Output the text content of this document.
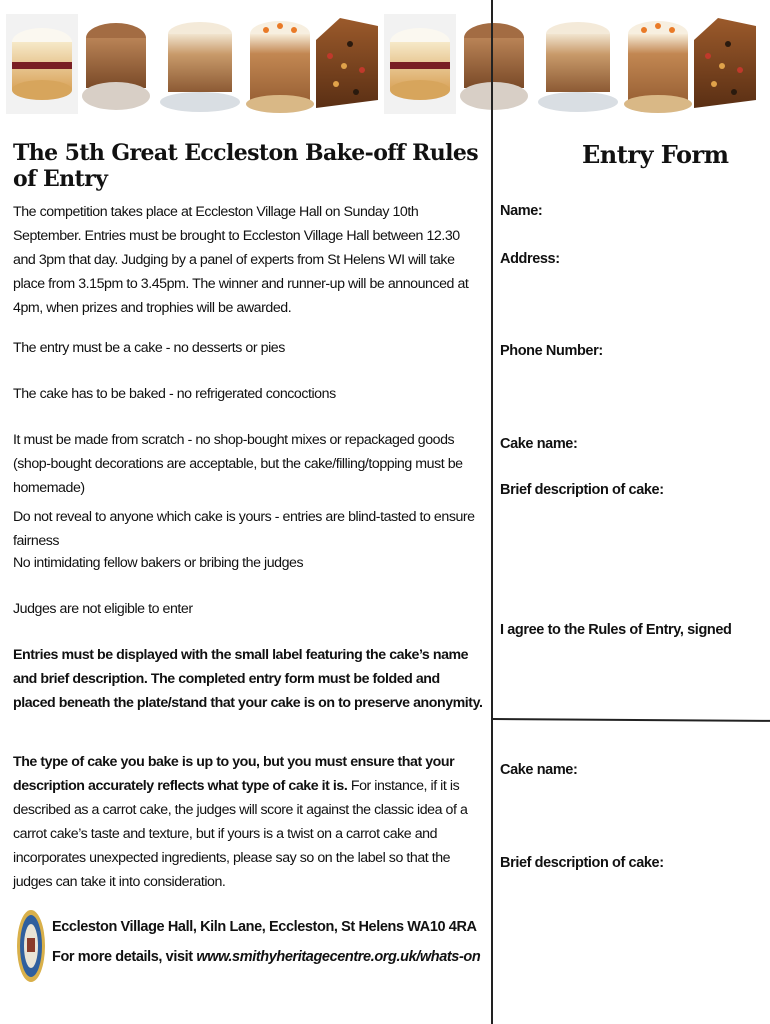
The 5th Great Eccleston Bake-off Rules of Entry

The competition takes place at Eccleston Village Hall on Sunday 10th September. Entries must be brought to Eccleston Village Hall between 12.30 and 3pm that day. Judging by a panel of experts from St Helens WI will take place from 3.15pm to 3.45pm. The winner and runner-up will be announced at 4pm, when prizes and trophies will be awarded.

The entry must be a cake - no desserts or pies

The cake has to be baked - no refrigerated concoctions

It must be made from scratch - no shop-bought mixes or repackaged goods (shop-bought decorations are acceptable, but the cake/filling/topping must be homemade)

Do not reveal to anyone which cake is yours - entries are blind-tasted to ensure fairness

No intimidating fellow bakers or bribing the judges

Judges are not eligible to enter

Entries must be displayed with the small label featuring the cake’s name and brief description. The completed entry form must be folded and placed beneath the plate/stand that your cake is on to preserve anonymity.

The type of cake you bake is up to you, but you must ensure that your description accurately reflects what type of cake it is. For instance, if it is described as a carrot cake, the judges will score it against the classic idea of a carrot cake’s taste and texture, but if yours is a twist on a carrot cake and incorporates unexpected ingredients, please say so on the label so that the judges can take it into consideration.

Eccleston Village Hall, Kiln Lane, Eccleston, St Helens WA10 4RA
For more details, visit www.smithyheritagecentre.org.uk/whats-on
Entry Form
Name:
Address:
Phone Number:
Cake name:
Brief description of cake:
I agree to the Rules of Entry, signed
Cake name:
Brief description of cake:
